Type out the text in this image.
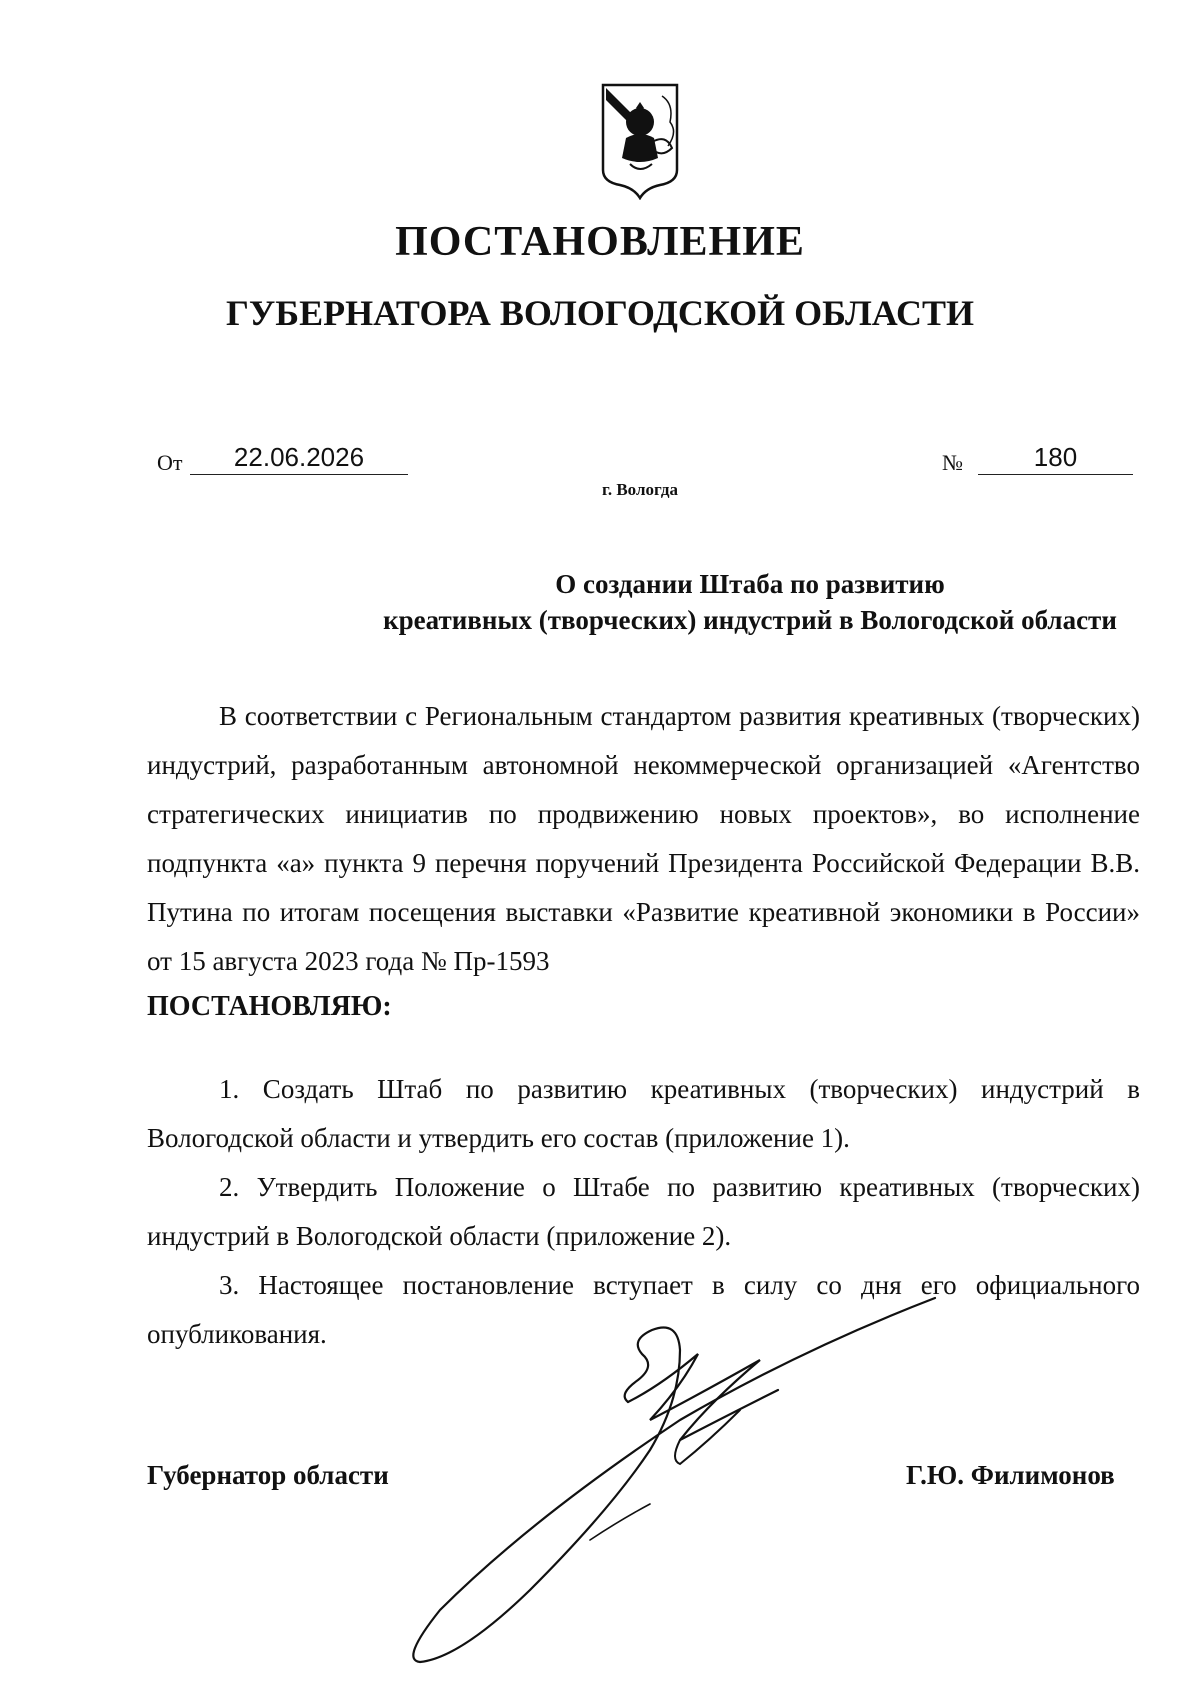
ПОСТАНОВЛЕНИЕ
ГУБЕРНАТОРА ВОЛОГОДСКОЙ ОБЛАСТИ
От	22.06.2026	№	180
г. Вологда
О создании Штаба по развитию
креативных (творческих) индустрий в Вологодской области

В соответствии с Региональным стандартом развития креативных (творческих) индустрий, разработанным автономной некоммерческой организацией «Агентство стратегических инициатив по продвижению новых проектов», во исполнение подпункта «а» пункта 9 перечня поручений Президента Российской Федерации В.В. Путина по итогам посещения выставки «Развитие креативной экономики в России» от 15 августа 2023 года № Пр-1593

ПОСТАНОВЛЯЮ:

1. Создать Штаб по развитию креативных (творческих) индустрий в Вологодской области и утвердить его состав (приложение 1).

2. Утвердить Положение о Штабе по развитию креативных (творческих) индустрий в Вологодской области (приложение 2).

3. Настоящее постановление вступает в силу со дня его официального опубликования.

Губернатор области	Г.Ю. Филимонов
